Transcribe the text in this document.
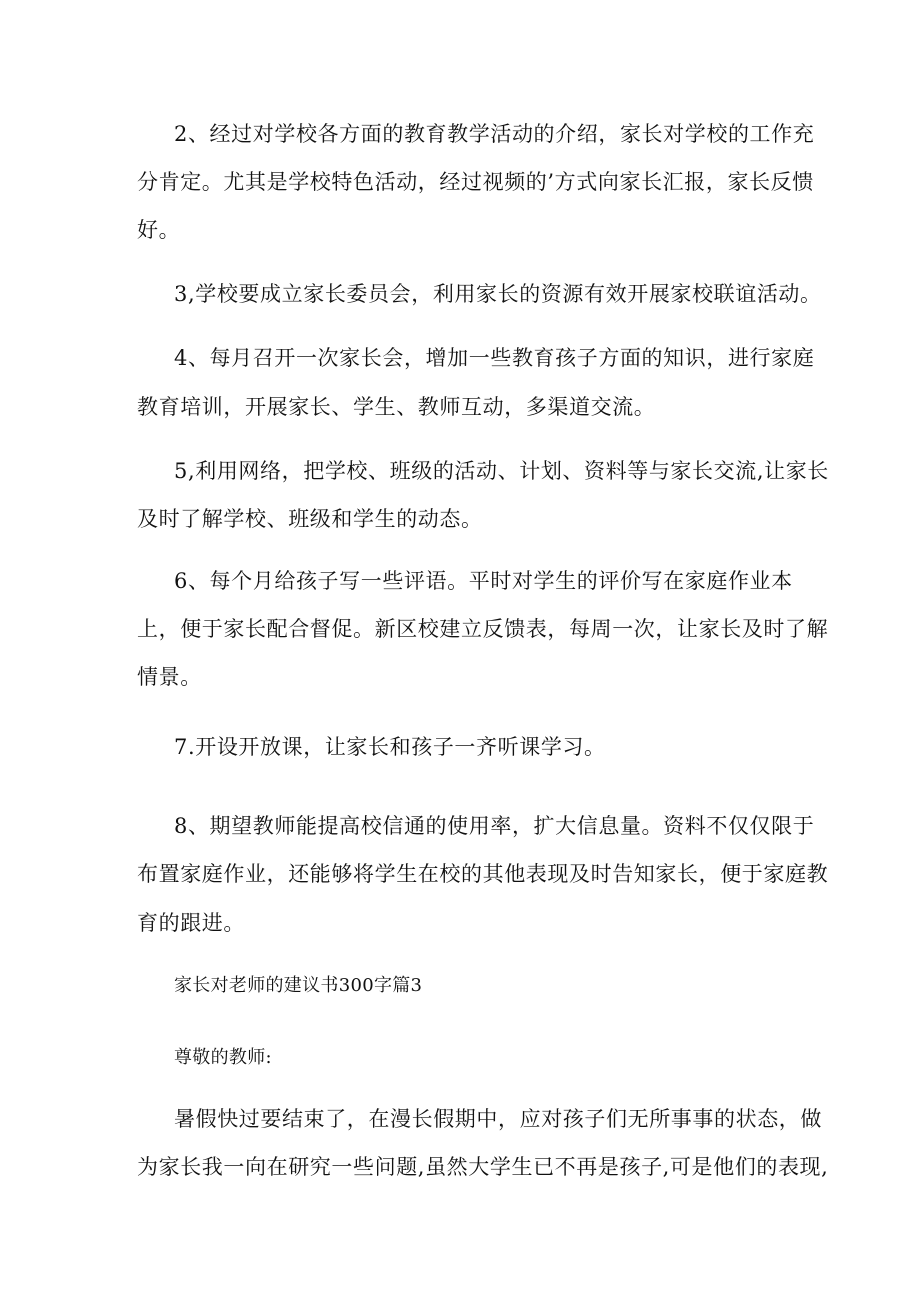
2、经过对学校各方面的教育教学活动的介绍，家长对学校的工作充
分肯定。尤其是学校特色活动，经过视频的’方式向家长汇报，家长反愦
好。
3,学校要成立家长委员会，利用家长的资源有效开展家校联谊活动。
4、每月召开一次家长会，增加一些教育孩子方面的知识，进行家庭
教育培训，开展家长、学生、教师互动，多渠道交流。
5,利用网络，把学校、班级的活动、计划、资料等与家长交流,让家长
及时了解学校、班级和学生的动态。
6、每个月给孩子写一些评语。平时对学生的评价写在家庭作业本
上，便于家长配合督促。新区校建立反馈表，每周一次，让家长及时了解
情景。
7.开设开放课，让家长和孩子一齐听课学习。
8、期望教师能提高校信通的使用率，扩大信息量。资料不仅仅限于
布置家庭作业，还能够将学生在校的其他表现及时告知家长，便于家庭教
育的跟进。
家长对老师的建议书300字篇3
尊敬的教师:
暑假快过要结束了，在漫长假期中，应对孩子们无所事事的状态，做
为家长我一向在研究一些问题,虽然大学生已不再是孩子,可是他们的表现,
